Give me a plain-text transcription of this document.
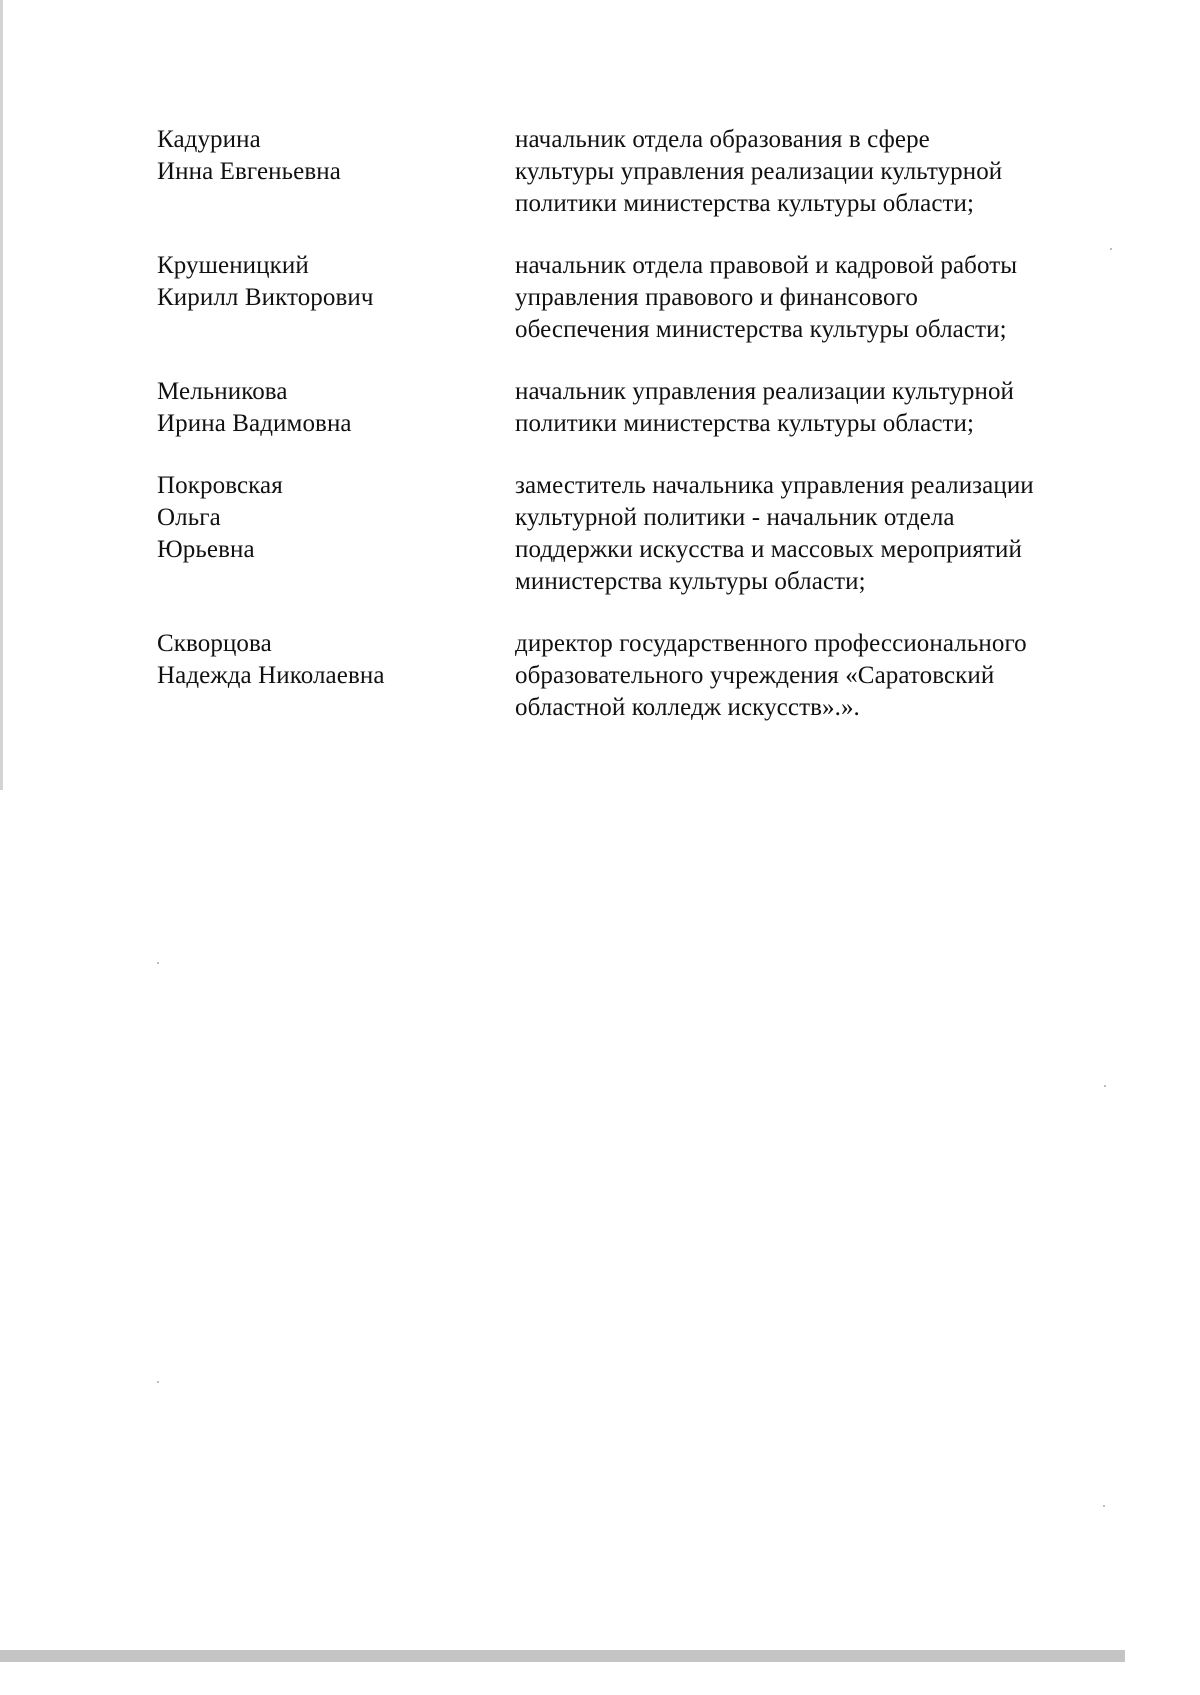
Кадурина
Инна Евгеньевна
начальник отдела образования в сфере
культуры управления реализации культурной
политики министерства культуры области;
Крушеницкий
Кирилл Викторович
начальник отдела правовой и кадровой работы
управления правового и финансового
обеспечения министерства культуры области;
Мельникова
Ирина Вадимовна
начальник управления реализации культурной
политики министерства культуры области;
Покровская
Ольга
Юрьевна
заместитель начальника управления реализации
культурной политики - начальник отдела
поддержки искусства и массовых мероприятий
министерства культуры области;
Скворцова
Надежда Николаевна
директор государственного профессионального
образовательного учреждения «Саратовский
областной колледж искусств».».
